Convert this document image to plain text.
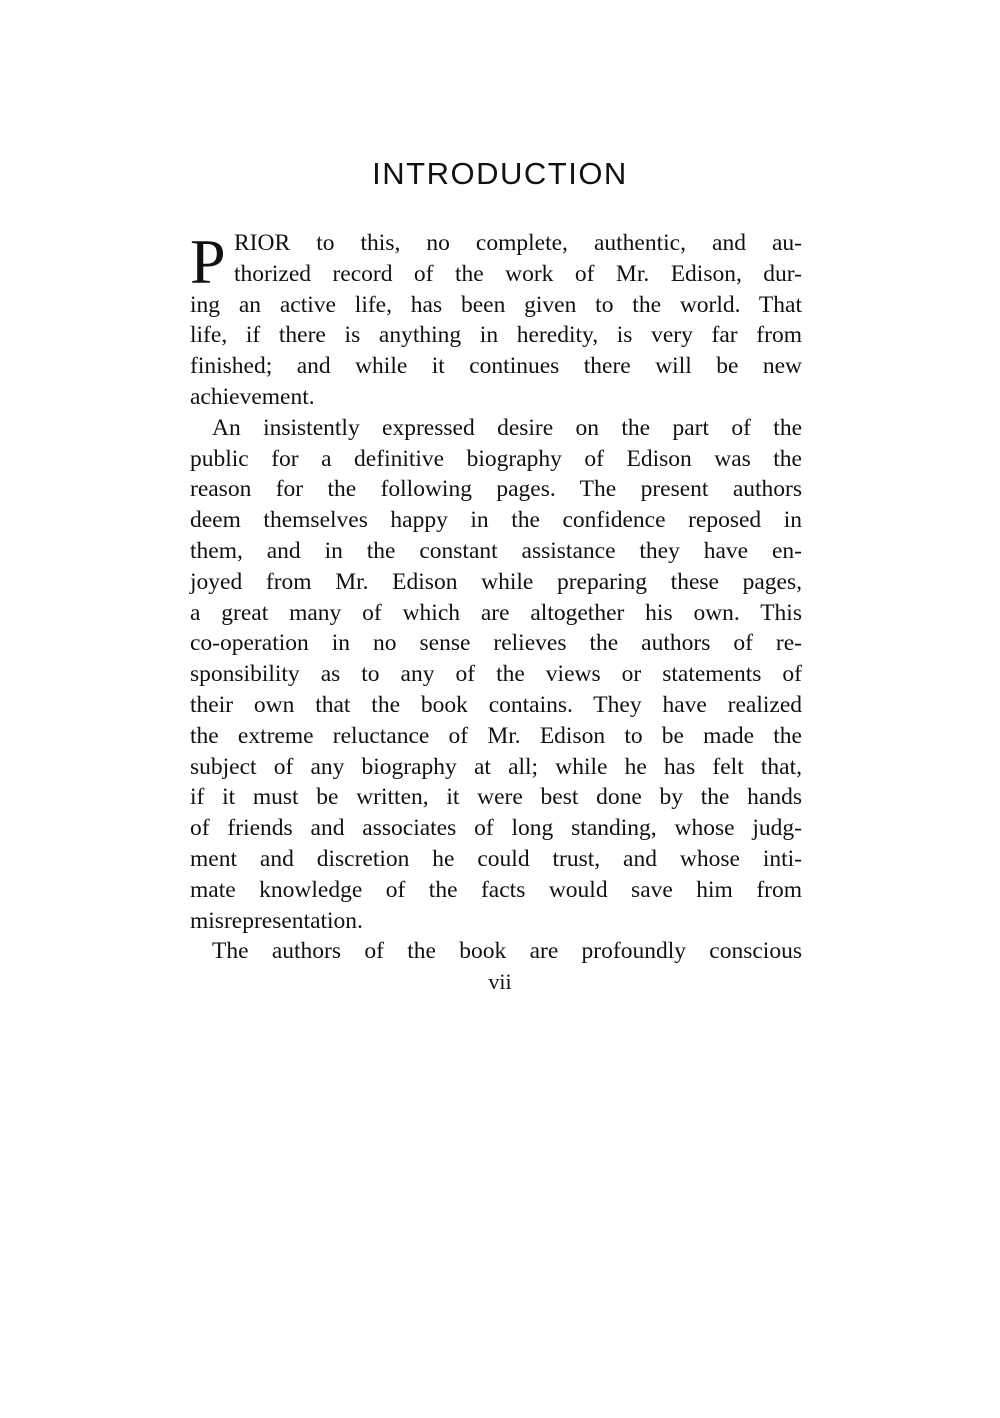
INTRODUCTION
P RIOR to this, no complete, authentic, and au-
thorized record of the work of Mr. Edison, dur-
ing an active life, has been given to the world. That
life, if there is anything in heredity, is very far from
finished; and while it continues there will be new
achievement.
An insistently expressed desire on the part of the
public for a definitive biography of Edison was the
reason for the following pages. The present authors
deem themselves happy in the confidence reposed in
them, and in the constant assistance they have en-
joyed from Mr. Edison while preparing these pages,
a great many of which are altogether his own. This
co-operation in no sense relieves the authors of re-
sponsibility as to any of the views or statements of
their own that the book contains. They have realized
the extreme reluctance of Mr. Edison to be made the
subject of any biography at all; while he has felt that,
if it must be written, it were best done by the hands
of friends and associates of long standing, whose judg-
ment and discretion he could trust, and whose inti-
mate knowledge of the facts would save him from
misrepresentation.
The authors of the book are profoundly conscious
vii
